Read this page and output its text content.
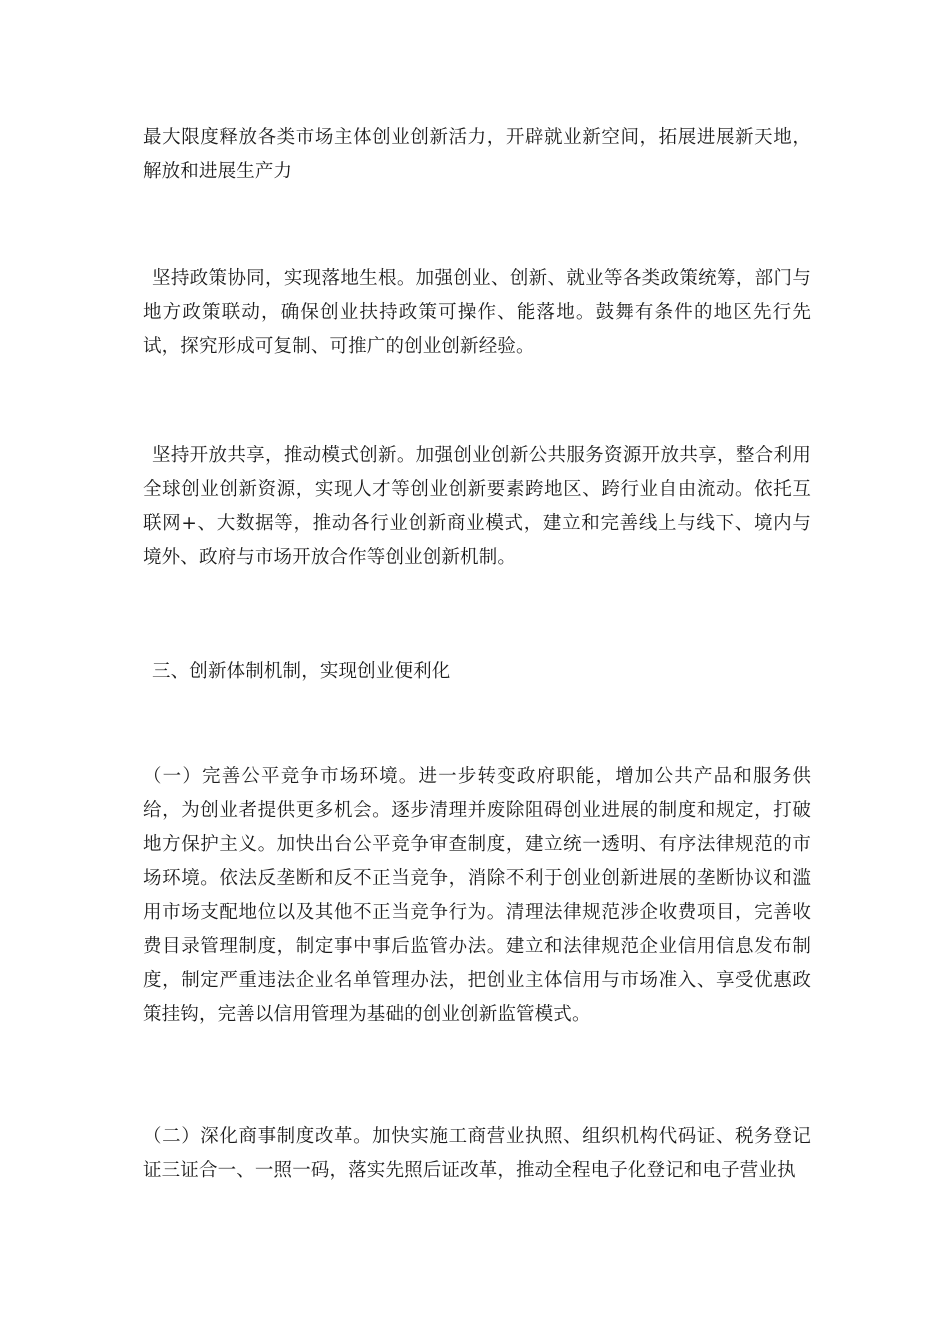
最大限度释放各类市场主体创业创新活力，开辟就业新空间，拓展进展新天地，解放和进展生产力

坚持政策协同，实现落地生根。加强创业、创新、就业等各类政策统筹，部门与地方政策联动，确保创业扶持政策可操作、能落地。鼓舞有条件的地区先行先试，探究形成可复制、可推广的创业创新经验。

坚持开放共享，推动模式创新。加强创业创新公共服务资源开放共享，整合利用全球创业创新资源，实现人才等创业创新要素跨地区、跨行业自由流动。依托互联网+、大数据等，推动各行业创新商业模式，建立和完善线上与线下、境内与境外、政府与市场开放合作等创业创新机制。

三、创新体制机制，实现创业便利化

（一）完善公平竞争市场环境。进一步转变政府职能，增加公共产品和服务供给，为创业者提供更多机会。逐步清理并废除阻碍创业进展的制度和规定，打破地方保护主义。加快出台公平竞争审查制度，建立统一透明、有序法律规范的市场环境。依法反垄断和反不正当竞争，消除不利于创业创新进展的垄断协议和滥用市场支配地位以及其他不正当竞争行为。清理法律规范涉企收费项目，完善收费目录管理制度，制定事中事后监管办法。建立和法律规范企业信用信息发布制度，制定严重违法企业名单管理办法，把创业主体信用与市场准入、享受优惠政策挂钩，完善以信用管理为基础的创业创新监管模式。

（二）深化商事制度改革。加快实施工商营业执照、组织机构代码证、税务登记证三证合一、一照一码，落实先照后证改革，推动全程电子化登记和电子营业执
